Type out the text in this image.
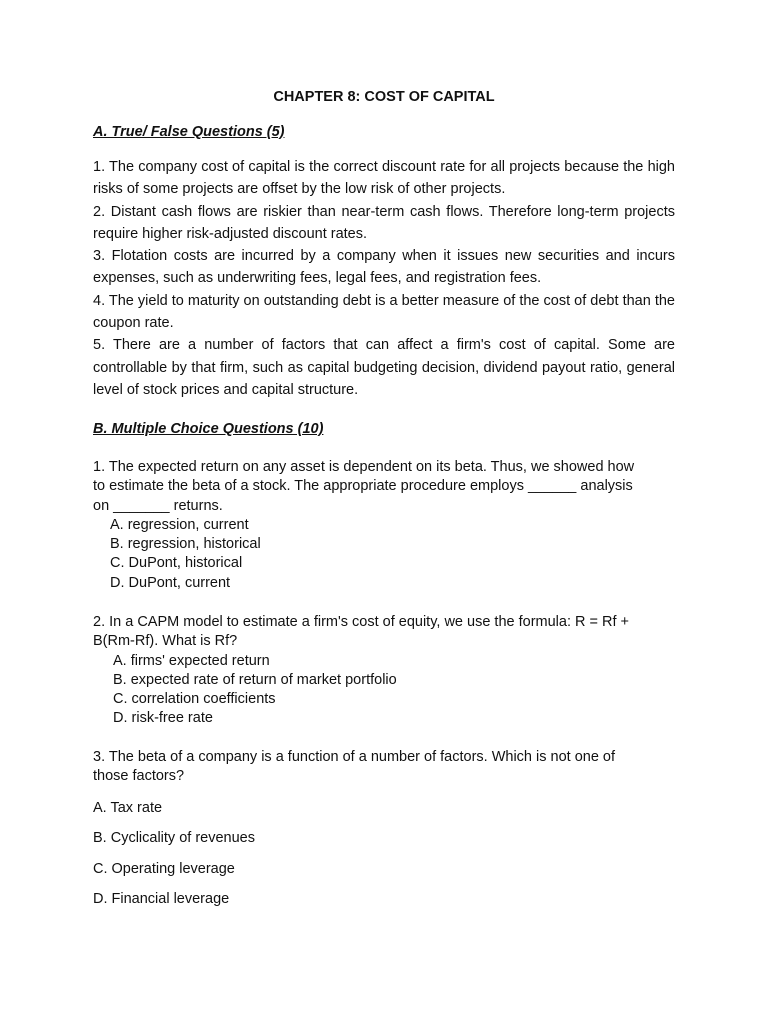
CHAPTER 8: COST OF CAPITAL
A. True/ False Questions (5)

1. The company cost of capital is the correct discount rate for all projects because the high risks of some projects are offset by the low risk of other projects.

2. Distant cash flows are riskier than near-term cash flows. Therefore long-term projects require higher risk-adjusted discount rates.

3. Flotation costs are incurred by a company when it issues new securities and incurs expenses, such as underwriting fees, legal fees, and registration fees.

4. The yield to maturity on outstanding debt is a better measure of the cost of debt than the coupon rate.

5. There are a number of factors that can affect a firm's cost of capital. Some are controllable by that firm, such as capital budgeting decision, dividend payout ratio, general level of stock prices and capital structure.

B. Multiple Choice Questions (10)

1. The expected return on any asset is dependent on its beta. Thus, we showed how

to estimate the beta of a stock. The appropriate procedure employs ______ analysis

on _______ returns.

A. regression, current

B. regression, historical

C. DuPont, historical

D. DuPont, current

2. In a CAPM model to estimate a firm's cost of equity, we use the formula: R = Rf +

B(Rm-Rf). What is Rf?

A. firms' expected return

B. expected rate of return of market portfolio

C. correlation coefficients

D. risk-free rate

3. The beta of a company is a function of a number of factors. Which is not one of

those factors?

A. Tax rate
B. Cyclicality of revenues
C. Operating leverage
D. Financial leverage
